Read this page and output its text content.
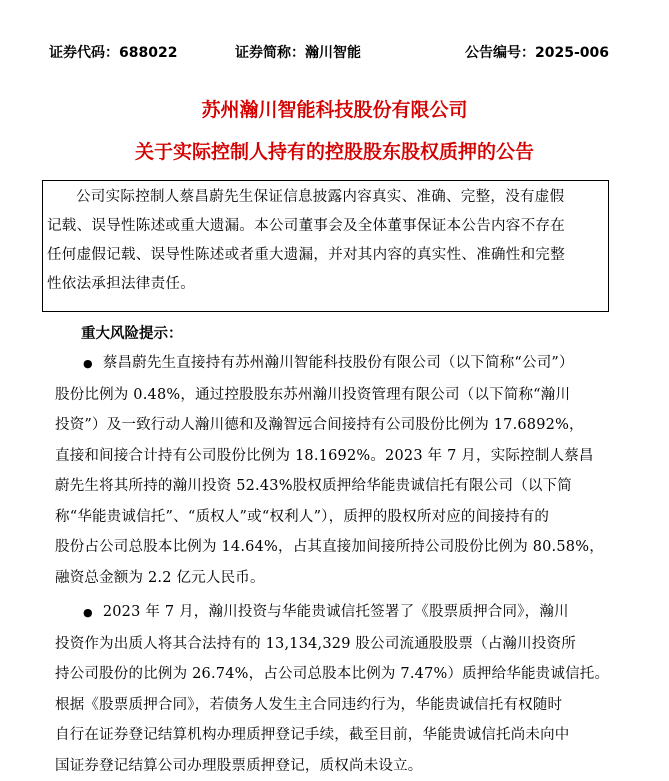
证券代码：688022	证券简称：瀚川智能	公告编号：2025-006
苏州瀚川智能科技股份有限公司
关于实际控制人持有的控股股东股权质押的公告

公司实际控制人蔡昌蔚先生保证信息披露内容真实、准确、完整，没有虚假

记载、误导性陈述或重大遗漏。本公司董事会及全体董事保证本公告内容不存在

任何虚假记载、误导性陈述或者重大遗漏，并对其内容的真实性、准确性和完整

性依法承担法律责任。

重大风险提示：
● 蔡昌蔚先生直接持有苏州瀚川智能科技股份有限公司（以下简称“公司”）
股份比例为 0.48%，通过控股股东苏州瀚川投资管理有限公司（以下简称“瀚川
投资”）及一致行动人瀚川德和及瀚智远合间接持有公司股份比例为 17.6892%，
直接和间接合计持有公司股份比例为 18.1692%。2023 年 7 月，实际控制人蔡昌
蔚先生将其所持的瀚川投资 52.43%股权质押给华能贵诚信托有限公司（以下简
称“华能贵诚信托”、“质权人”或“权利人”），质押的股权所对应的间接持有的
股份占公司总股本比例为 14.64%，占其直接加间接所持公司股份比例为 80.58%，
融资总金额为 2.2 亿元人民币。
● 2023 年 7 月，瀚川投资与华能贵诚信托签署了《股票质押合同》，瀚川
投资作为出质人将其合法持有的 13,134,329 股公司流通股股票（占瀚川投资所
持公司股份的比例为 26.74%，占公司总股本比例为 7.47%）质押给华能贵诚信托。
根据《股票质押合同》，若债务人发生主合同违约行为，华能贵诚信托有权随时
自行在证券登记结算机构办理质押登记手续，截至目前，华能贵诚信托尚未向中
国证券登记结算公司办理股票质押登记，质权尚未设立。
